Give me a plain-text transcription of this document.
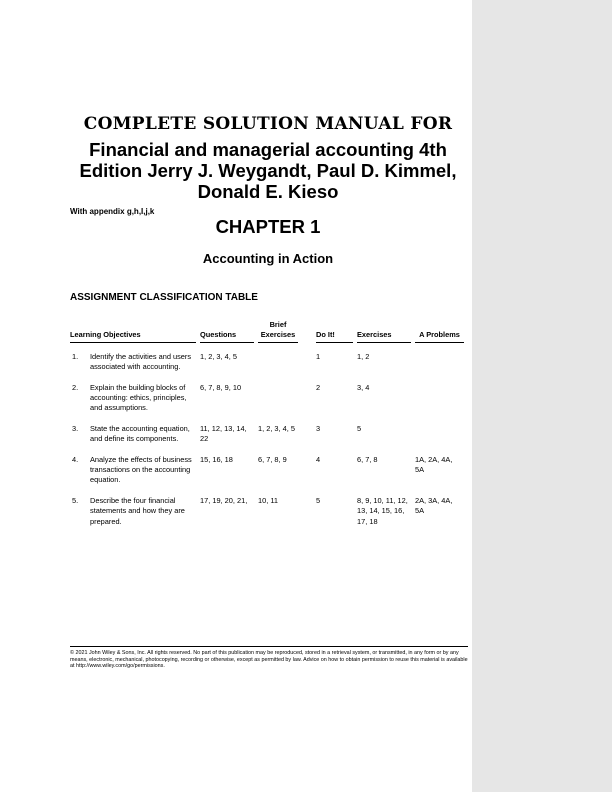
COMPLETE SOLUTION MANUAL FOR
Financial and managerial accounting 4th Edition Jerry J. Weygandt, Paul D. Kimmel, Donald E. Kieso
With appendix g,h,I,j,k
CHAPTER 1
Accounting in Action
ASSIGNMENT CLASSIFICATION TABLE
Learning Objectives	Questions	Brief Exercises	Do It!	Exercises	A Problems

1. Identify the activities and users associated with accounting.	1, 2, 3, 4, 5		1	1, 2	

2. Explain the building blocks of accounting: ethics, principles, and assumptions.	6, 7, 8, 9, 10		2	3, 4	

3. State the accounting equation, and define its components.	11, 12, 13, 14, 22	1, 2, 3, 4, 5	3	5	

4. Analyze the effects of business transactions on the accounting equation.	15, 16, 18	6, 7, 8, 9	4	6, 7, 8	1A, 2A, 4A, 5A

5. Describe the four financial statements and how they are prepared.	17, 19, 20, 21,	10, 11	5	8, 9, 10, 11, 12, 13, 14, 15, 16, 17, 18	2A, 3A, 4A, 5A
© 2021 John Wiley & Sons, Inc. All rights reserved. No part of this publication may be reproduced, stored in a retrieval system, or transmitted, in any form or by any means, electronic, mechanical, photocopying, recording or otherwise, except as permitted by law. Advice on how to obtain permission to reuse this material is available at http://www.wiley.com/go/permissions.
